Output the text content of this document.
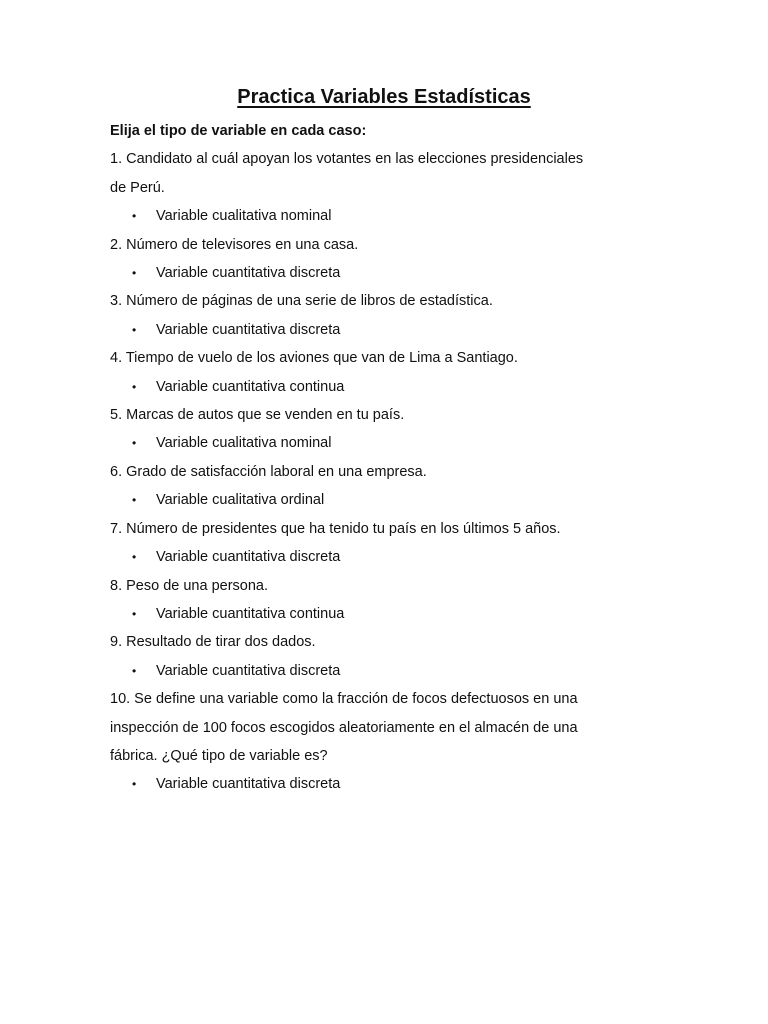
Practica Variables Estadísticas

Elija el tipo de variable en cada caso:

1. Candidato al cuál apoyan los votantes en las elecciones presidenciales

de Perú.

• Variable cualitativa nominal

2. Número de televisores en una casa.

• Variable cuantitativa discreta

3. Número de páginas de una serie de libros de estadística.

• Variable cuantitativa discreta

4. Tiempo de vuelo de los aviones que van de Lima a Santiago.

• Variable cuantitativa continua

5. Marcas de autos que se venden en tu país.

• Variable cualitativa nominal

6. Grado de satisfacción laboral en una empresa.

• Variable cualitativa ordinal

7. Número de presidentes que ha tenido tu país en los últimos 5 años.

• Variable cuantitativa discreta

8. Peso de una persona.

• Variable cuantitativa continua

9. Resultado de tirar dos dados.

• Variable cuantitativa discreta

10. Se define una variable como la fracción de focos defectuosos en una

inspección de 100 focos escogidos aleatoriamente en el almacén de una

fábrica. ¿Qué tipo de variable es?

• Variable cuantitativa discreta
